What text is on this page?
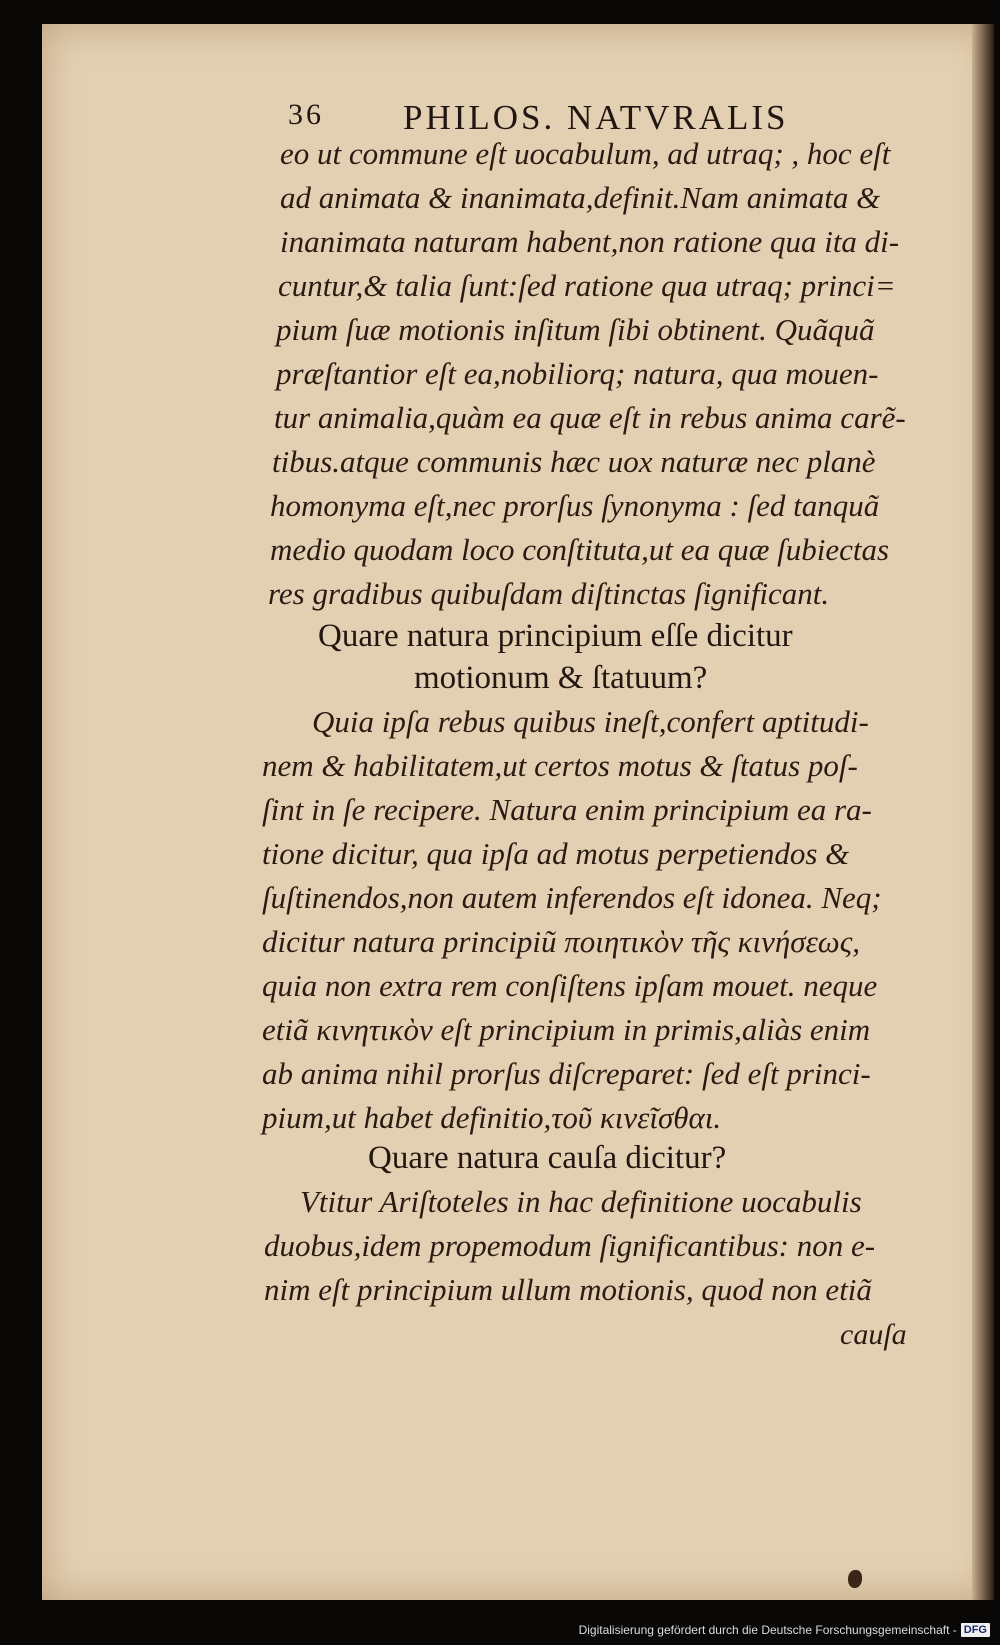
36 PHILOS. NATVRALIS
eo ut commune eſt uocabulum, ad utraq; , hoc eſt
ad animata & inanimata,definit.Nam animata &
inanimata naturam habent,non ratione qua ita di-
cuntur,& talia ſunt:ſed ratione qua utraq; princi=
pium ſuæ motionis inſitum ſibi obtinent. Quãquã
præſtantior eſt ea,nobiliorq; natura, qua mouen-
tur animalia,quàm ea quæ eſt in rebus anima carẽ-
tibus.atque communis hæc uox naturæ nec planè
homonyma eſt,nec prorſus ſynonyma : ſed tanquã
medio quodam loco conſtituta,ut ea quæ ſubiectas
res gradibus quibuſdam diſtinctas ſignificant.
Quare natura principium eſſe dicitur
motionum & ſtatuum?
Quia ipſa rebus quibus ineſt,confert aptitudi-
nem & habilitatem,ut certos motus & ſtatus poſ-
ſint in ſe recipere. Natura enim principium ea ra-
tione dicitur, qua ipſa ad motus perpetiendos &
ſuſtinendos,non autem inferendos eſt idonea. Neq;
dicitur natura principiũ ποιητικὸν τῆς κινήσεως,
quia non extra rem conſiſtens ipſam mouet. neque
etiã κινητικὸν eſt principium in primis,aliàs enim
ab anima nihil prorſus diſcreparet: ſed eſt princi-
pium,ut habet definitio,τοῦ κινεῖσθαι.
Quare natura cauſa dicitur?
Vtitur Ariſtoteles in hac definitione uocabulis
duobus,idem propemodum ſignificantibus: non e-
nim eſt principium ullum motionis, quod non etiã
cauſa
Digitalisierung gefördert durch die Deutsche Forschungsgemeinschaft - DFG
